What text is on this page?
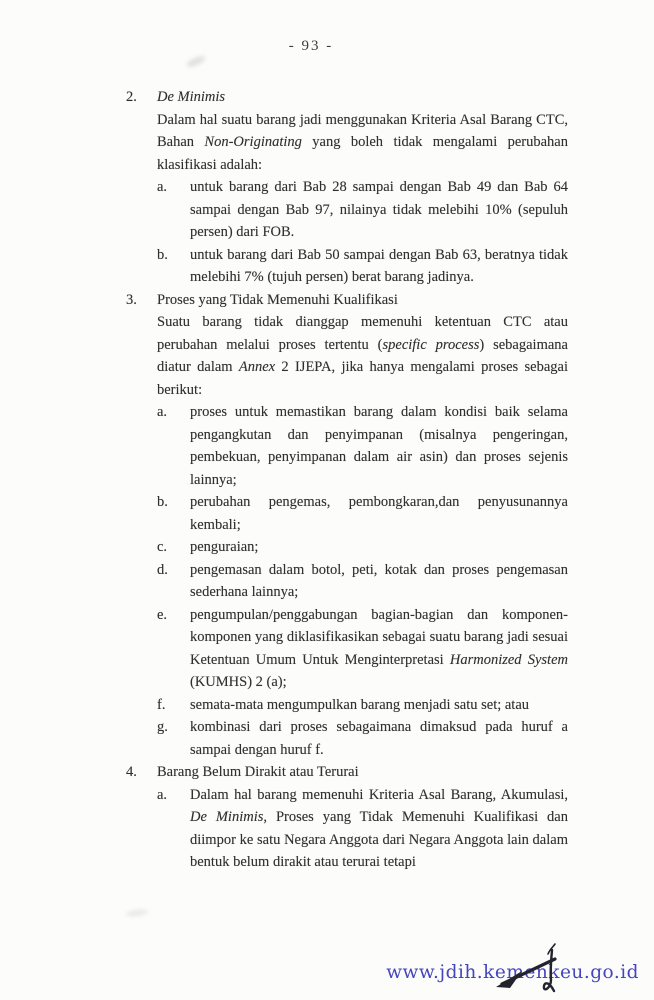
- 93 -
2.	De Minimis

Dalam hal suatu barang jadi menggunakan Kriteria Asal Barang CTC, Bahan Non-Originating yang boleh tidak mengalami perubahan klasifikasi adalah:

a.	untuk barang dari Bab 28 sampai dengan Bab 49 dan Bab 64 sampai dengan Bab 97, nilainya tidak melebihi 10% (sepuluh persen) dari FOB.
b.	untuk barang dari Bab 50 sampai dengan Bab 63, beratnya tidak melebihi 7% (tujuh persen) berat barang jadinya.
3.	Proses yang Tidak Memenuhi Kualifikasi

Suatu barang tidak dianggap memenuhi ketentuan CTC atau perubahan melalui proses tertentu (specific process) sebagaimana diatur dalam Annex 2 IJEPA, jika hanya mengalami proses sebagai berikut:

a.	proses untuk memastikan barang dalam kondisi baik selama pengangkutan dan penyimpanan (misalnya pengeringan, pembekuan, penyimpanan dalam air asin) dan proses sejenis lainnya;
b.	perubahan pengemas, pembongkaran,dan penyusunannya kembali;
c.	penguraian;
d.	pengemasan dalam botol, peti, kotak dan proses pengemasan sederhana lainnya;
e.	pengumpulan/penggabungan bagian-bagian dan komponen-komponen yang diklasifikasikan sebagai suatu barang jadi sesuai Ketentuan Umum Untuk Menginterpretasi Harmonized System (KUMHS) 2 (a);
f.	semata-mata mengumpulkan barang menjadi satu set; atau
g.	kombinasi dari proses sebagaimana dimaksud pada huruf a sampai dengan huruf f.
4.	Barang Belum Dirakit atau Terurai
a.	Dalam hal barang memenuhi Kriteria Asal Barang, Akumulasi, De Minimis, Proses yang Tidak Memenuhi Kualifikasi dan diimpor ke satu Negara Anggota dari Negara Anggota lain dalam bentuk belum dirakit atau terurai tetapi
www.jdih.kemenkeu.go.id
